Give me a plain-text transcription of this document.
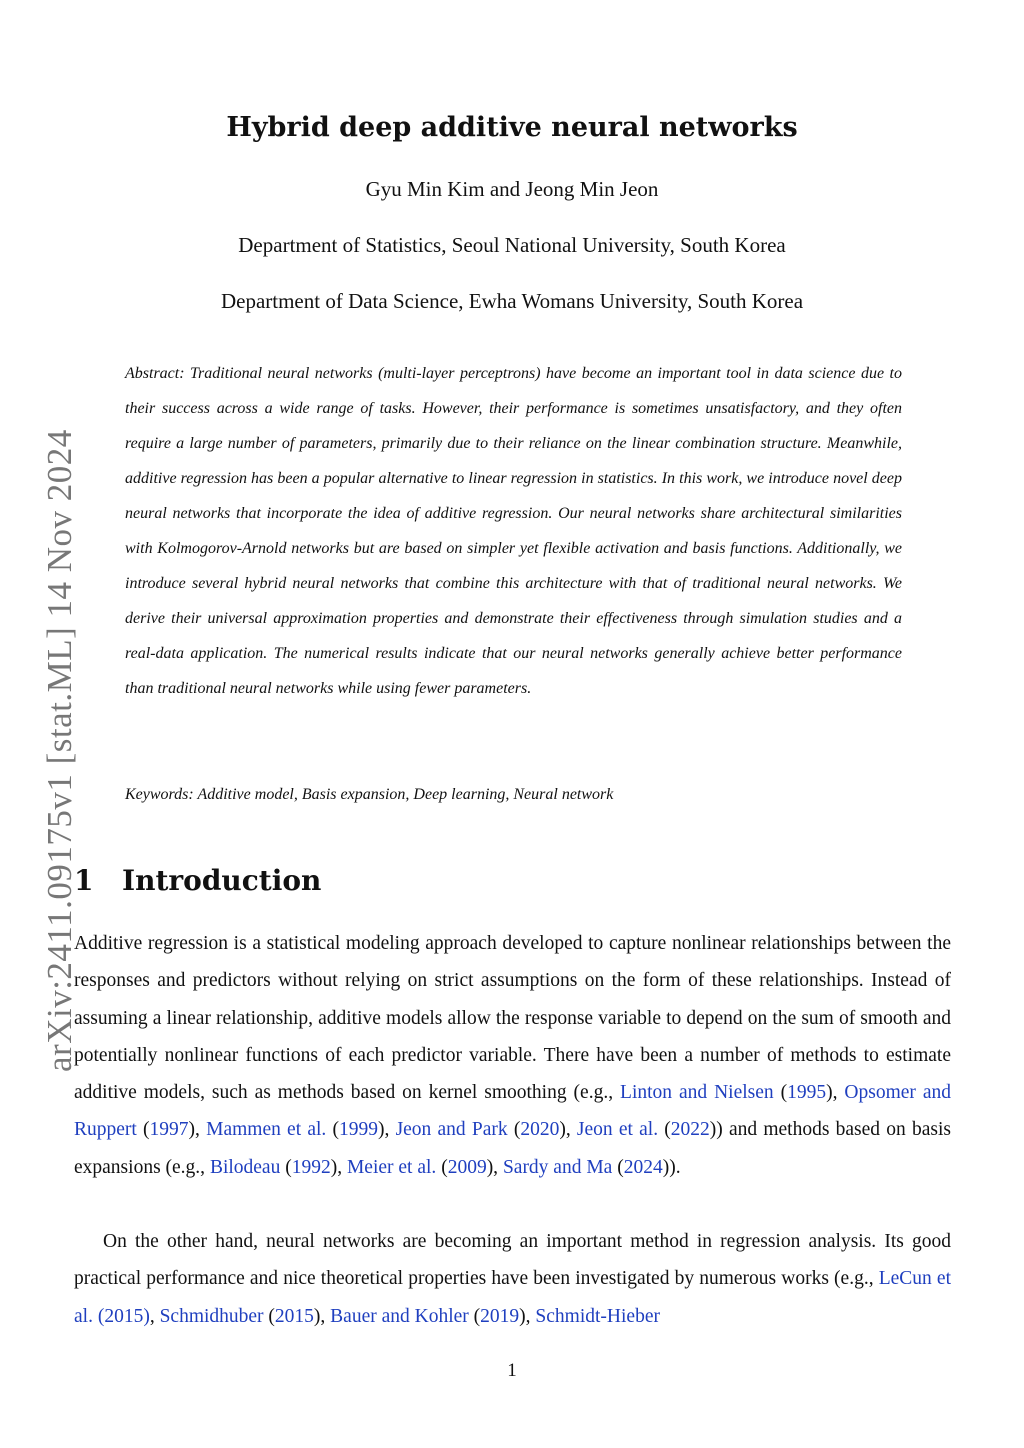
arXiv:2411.09175v1 [stat.ML] 14 Nov 2024
Hybrid deep additive neural networks
Gyu Min Kim and Jeong Min Jeon
Department of Statistics, Seoul National University, South Korea
Department of Data Science, Ewha Womans University, South Korea
Abstract: Traditional neural networks (multi-layer perceptrons) have become an important tool in data science due to their success across a wide range of tasks. However, their performance is sometimes unsatisfactory, and they often require a large number of parameters, primarily due to their reliance on the linear combination structure. Meanwhile, additive regression has been a popular alternative to linear regression in statistics. In this work, we introduce novel deep neural networks that incorporate the idea of additive regression. Our neural networks share architectural similarities with Kolmogorov-Arnold networks but are based on simpler yet flexible activation and basis functions. Additionally, we introduce several hybrid neural networks that combine this architecture with that of traditional neural networks. We derive their universal approximation properties and demonstrate their effectiveness through simulation studies and a real-data application. The numerical results indicate that our neural networks generally achieve better performance than traditional neural networks while using fewer parameters.
Keywords: Additive model, Basis expansion, Deep learning, Neural network
1 Introduction
Additive regression is a statistical modeling approach developed to capture nonlinear relationships between the responses and predictors without relying on strict assumptions on the form of these relationships. Instead of assuming a linear relationship, additive models allow the response variable to depend on the sum of smooth and potentially nonlinear functions of each predictor variable. There have been a number of methods to estimate additive models, such as methods based on kernel smoothing (e.g., Linton and Nielsen (1995), Opsomer and Ruppert (1997), Mammen et al. (1999), Jeon and Park (2020), Jeon et al. (2022)) and methods based on basis expansions (e.g., Bilodeau (1992), Meier et al. (2009), Sardy and Ma (2024)).
On the other hand, neural networks are becoming an important method in regression analysis. Its good practical performance and nice theoretical properties have been investigated by numerous works (e.g., LeCun et al. (2015), Schmidhuber (2015), Bauer and Kohler (2019), Schmidt-Hieber
1
